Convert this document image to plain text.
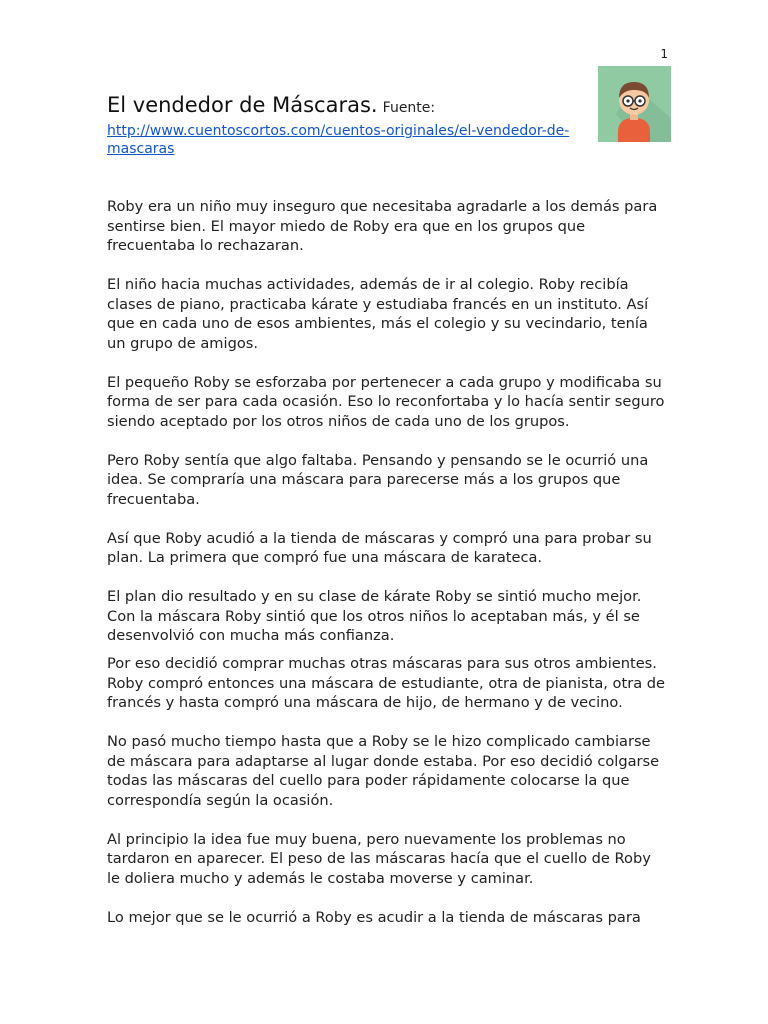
1
El vendedor de Máscaras. Fuente:
http://www.cuentoscortos.com/cuentos-originales/el-vendedor-de-
mascaras

Roby era un niño muy inseguro que necesitaba agradarle a los demás para
sentirse bien. El mayor miedo de Roby era que en los grupos que
frecuentaba lo rechazaran.

El niño hacia muchas actividades, además de ir al colegio. Roby recibía
clases de piano, practicaba kárate y estudiaba francés en un instituto. Así
que en cada uno de esos ambientes, más el colegio y su vecindario, tenía
un grupo de amigos.

El pequeño Roby se esforzaba por pertenecer a cada grupo y modificaba su
forma de ser para cada ocasión. Eso lo reconfortaba y lo hacía sentir seguro
siendo aceptado por los otros niños de cada uno de los grupos.

Pero Roby sentía que algo faltaba. Pensando y pensando se le ocurrió una
idea. Se compraría una máscara para parecerse más a los grupos que
frecuentaba.

Así que Roby acudió a la tienda de máscaras y compró una para probar su
plan. La primera que compró fue una máscara de karateca.

El plan dio resultado y en su clase de kárate Roby se sintió mucho mejor.
Con la máscara Roby sintió que los otros niños lo aceptaban más, y él se
desenvolvió con mucha más confianza.

Por eso decidió comprar muchas otras máscaras para sus otros ambientes.
Roby compró entonces una máscara de estudiante, otra de pianista, otra de
francés y hasta compró una máscara de hijo, de hermano y de vecino.

No pasó mucho tiempo hasta que a Roby se le hizo complicado cambiarse
de máscara para adaptarse al lugar donde estaba. Por eso decidió colgarse
todas las máscaras del cuello para poder rápidamente colocarse la que
correspondía según la ocasión.

Al principio la idea fue muy buena, pero nuevamente los problemas no
tardaron en aparecer. El peso de las máscaras hacía que el cuello de Roby
le doliera mucho y además le costaba moverse y caminar.

Lo mejor que se le ocurrió a Roby es acudir a la tienda de máscaras para
